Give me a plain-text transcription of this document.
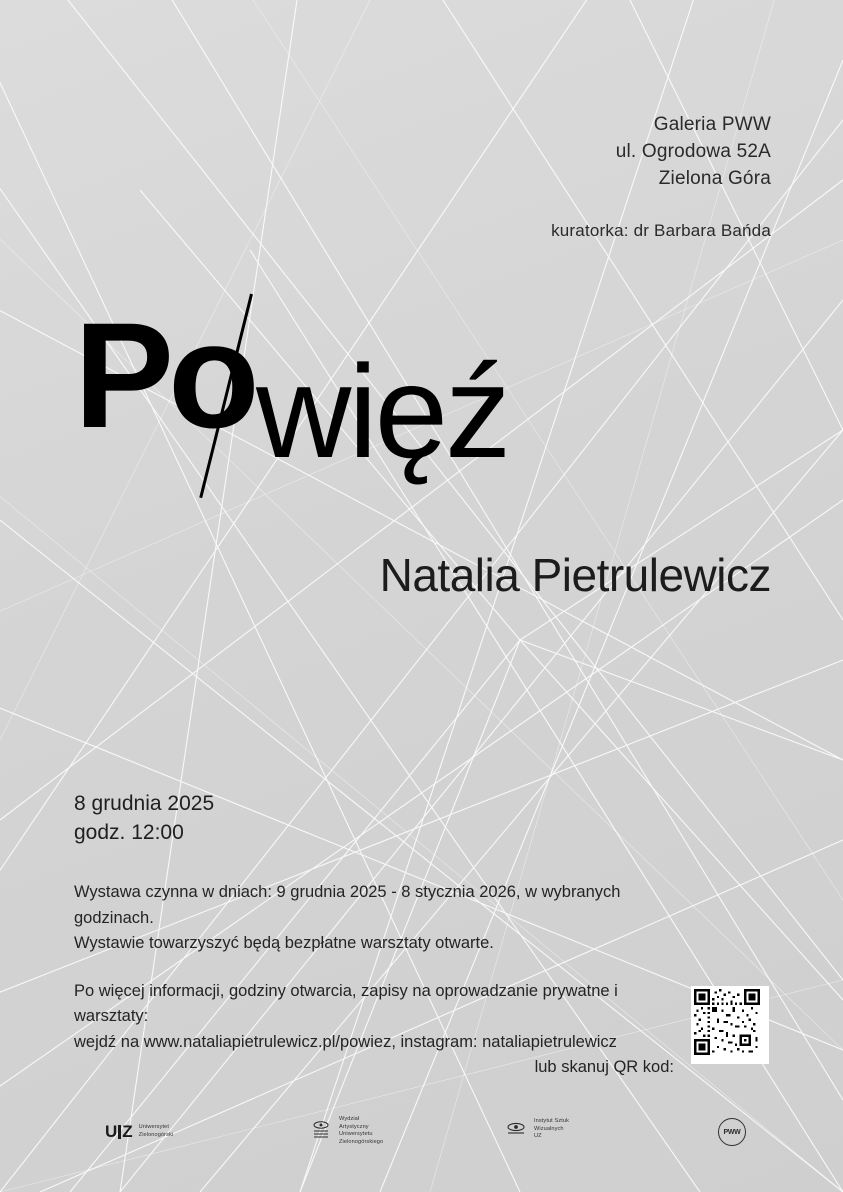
Galeria PWW
ul. Ogrodowa 52A
Zielona Góra
kuratorka: dr Barbara Bańda
Po więź
Natalia Pietrulewicz
8 grudnia 2025
godz. 12:00

Wystawa czynna w dniach: 9 grudnia 2025 - 8 stycznia 2026, w wybranych godzinach.

Wystawie towarzyszyć będą bezpłatne warsztaty otwarte.

Po więcej informacji, godziny otwarcia, zapisy na oprowadzanie prywatne i warsztaty:

wejdź na www.nataliapietrulewicz.pl/powiez, instagram: nataliapietrulewicz

lub skanuj QR kod:

U Z Uniwersytet
Zielonogórski
Wydział
Artystyczny
Uniwersytetu
Zielonogórskiego
Instytut Sztuk
Wizualnych
UZ
PWW
